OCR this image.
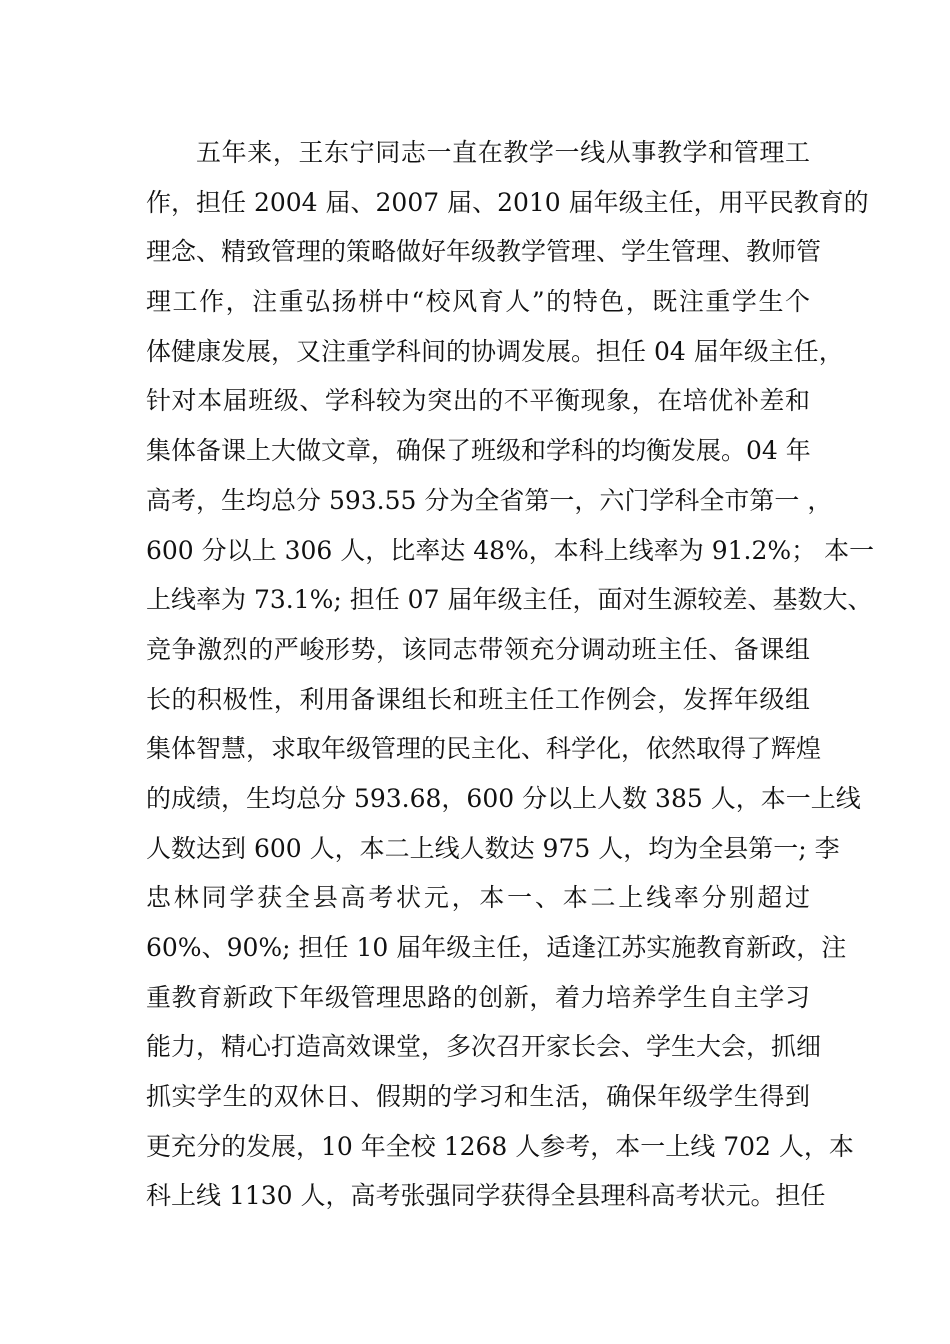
五年来，王东宁同志一直在教学一线从事教学和管理工
作，担任 2004 届、2007 届、2010 届年级主任，用平民教育的
理念、精致管理的策略做好年级教学管理、学生管理、教师管
理工作，注重弘扬栟中“校风育人”的特色，既注重学生个
体健康发展，又注重学科间的协调发展。担任 04 届年级主任，
针对本届班级、学科较为突出的不平衡现象，在培优补差和
集体备课上大做文章，确保了班级和学科的均衡发展。04 年
高考，生均总分 593.55 分为全省第一，六门学科全市第一 ，
600 分以上 306 人，比率达 48%，本科上线率为 91.2%； 本一
上线率为 73.1%; 担任 07 届年级主任，面对生源较差、基数大、
竞争激烈的严峻形势，该同志带领充分调动班主任、备课组
长的积极性，利用备课组长和班主任工作例会，发挥年级组
集体智慧，求取年级管理的民主化、科学化，依然取得了辉煌
的成绩，生均总分 593.68，600 分以上人数 385 人，本一上线
人数达到 600 人，本二上线人数达 975 人，均为全县第一; 李
忠林同学获全县高考状元，本一、本二上线率分别超过
60%、90%; 担任 10 届年级主任，适逢江苏实施教育新政，注
重教育新政下年级管理思路的创新，着力培养学生自主学习
能力，精心打造高效课堂，多次召开家长会、学生大会，抓细
抓实学生的双休日、假期的学习和生活，确保年级学生得到
更充分的发展，10 年全校 1268 人参考，本一上线 702 人，本
科上线 1130 人，高考张强同学获得全县理科高考状元。担任
